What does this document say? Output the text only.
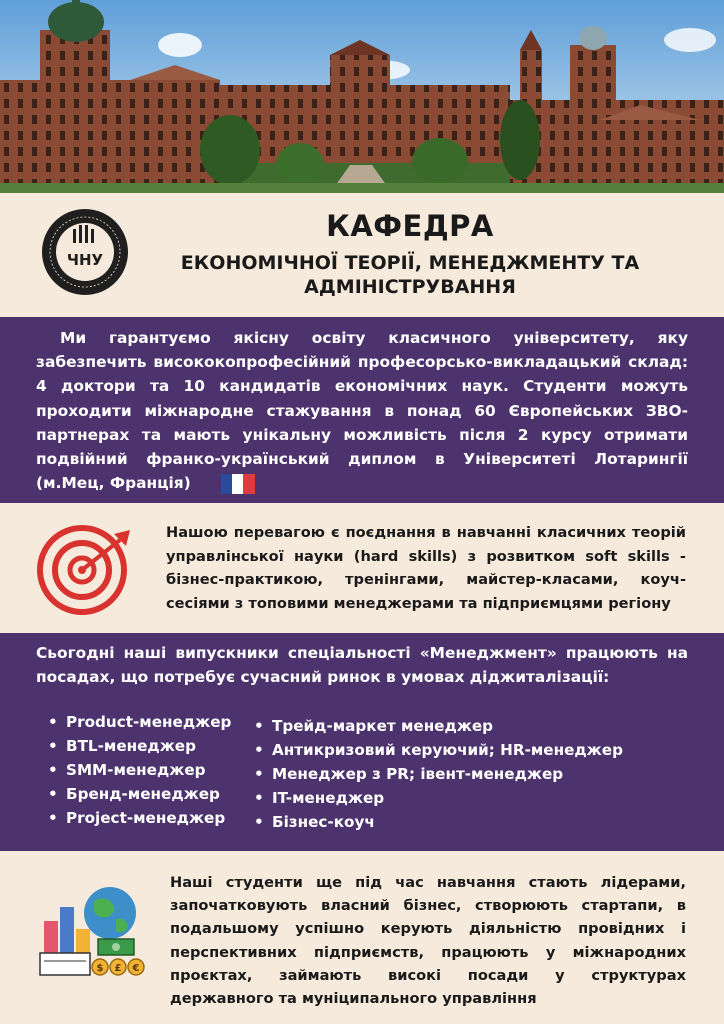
ЧНУ
КАФЕДРА
ЕКОНОМІЧНОЇ ТЕОРІЇ, МЕНЕДЖМЕНТУ ТА АДМІНІСТРУВАННЯ

Ми гарантуємо якісну освіту класичного університету, яку забезпечить висококопрофесійний професорсько-викладацький склад: 4 доктори та 10 кандидатів економічних наук. Студенти можуть проходити міжнародне стажування в понад 60 Європейських ЗВО-партнерах та мають унікальну можливість після 2 курсу отримати подвійний франко-український диплом в Університеті Лотарингії (м.Мец, Франція)

Нашою перевагою є поєднання в навчанні класичних теорій управлінської науки (hard skills) з розвитком soft skills - бізнес-практикою, тренінгами, майстер-класами, коуч-сесіями з топовими менеджерами та підприємцями регіону

Сьогодні наші випускники спеціальності «Менеджмент» працюють на посадах, що потребує сучасний ринок в умовах діджиталізації:

• Product-менеджер
• BTL-менеджер
• SMM-менеджер
• Бренд-менеджер
• Project-менеджер
• Трейд-маркет менеджер
• Антикризовий керуючий; HR-менеджер
• Менеджер з PR; івент-менеджер
• IT-менеджер
• Бізнес-коуч
$ £ €

Наші студенти ще під час навчання стають лідерами, започатковують власний бізнес, створюють стартапи, в подальшому успішно керують діяльністю провідних і перспективних підприємств, працюють у міжнародних проєктах, займають високі посади у структурах державного та муніципального управління
